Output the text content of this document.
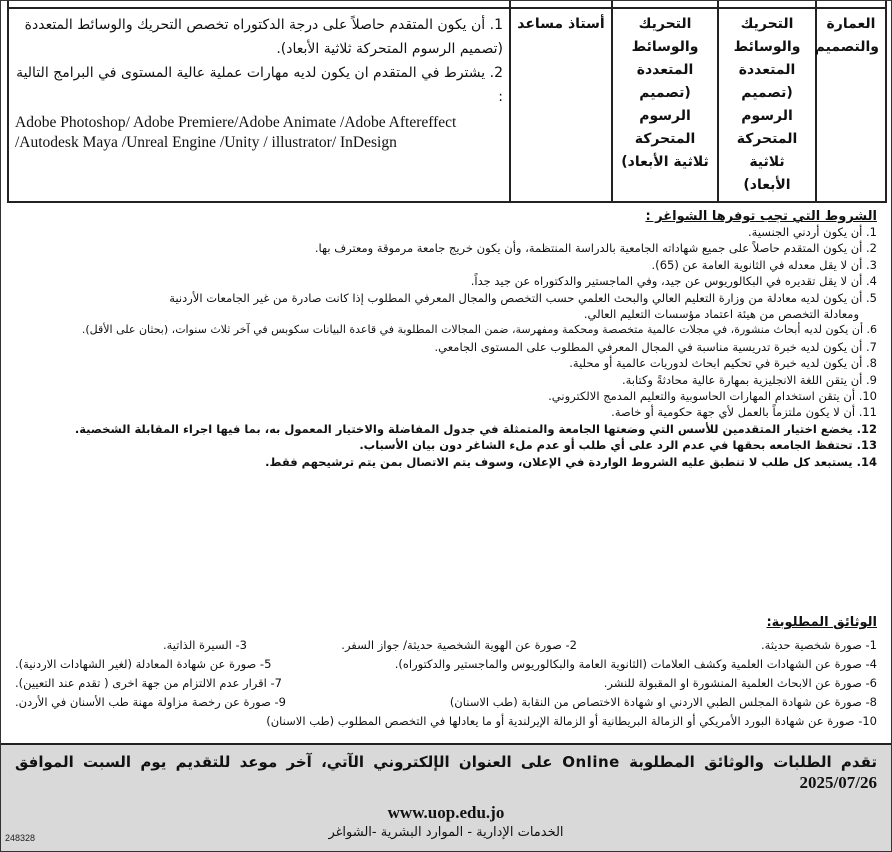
العمارة والتصميم	التحريك والوسائط المتعددة (تصميم الرسوم المتحركة ثلاثية الأبعاد)	التحريك والوسائط المتعددة (تصميم الرسوم المتحركة ثلاثية الأبعاد)	أستاذ مساعد	1. أن يكون المتقدم حاصلاً على درجة الدكتوراه تخصص التحريك والوسائط المتعددة (تصميم الرسوم المتحركة ثلاثية الأبعاد).
2. يشترط في المتقدم ان يكون لديه مهارات عملية عالية المستوى في البرامج التالية :
Adobe Photoshop/ Adobe Premiere/Adobe Animate /Adobe Aftereffect /Autodesk Maya /Unreal Engine /Unity / illustrator/ InDesign

الشروط التي تجب توفرها الشواغر :

1. أن يكون أردني الجنسية.
2. أن يكون المتقدم حاصلاً على جميع شهاداته الجامعية بالدراسة المنتظمة، وأن يكون خريج جامعة مرموقة ومعترف بها.
3. أن لا يقل معدله في الثانوية العامة عن (65).
4. أن لا يقل تقديره في البكالوريوس عن جيد، وفي الماجستير والدكتوراه عن جيد جداً.
5. أن يكون لديه معادلة من وزارة التعليم العالي والبحث العلمي حسب التخصص والمجال المعرفي المطلوب إذا كانت صادرة من غير الجامعات الأردنية
ومعادلة التخصص من هيئة اعتماد مؤسسات التعليم العالي.
6. أن يكون لديه أبحاث منشورة، في مجلات عالمية متخصصة ومحكمة ومفهرسة، ضمن المجالات المطلوبة في قاعدة البيانات سكوبس في آخر ثلاث سنوات، (بحثان على الأقل).
7. أن يكون لديه خبرة تدريسية مناسبة في المجال المعرفي المطلوب على المستوى الجامعي.
8. أن يكون لديه خبرة في تحكيم ابحاث لدوريات عالمية أو محلية.
9. أن يتقن اللغة الانجليزية بمهارة عالية محادثةً وكتابة.
10. أن يتقن استخدام المهارات الحاسوبية والتعليم المدمج الالكتروني.
11. أن لا يكون ملتزماً بالعمل لأي جهة حكومية أو خاصة.
12. يخضع اختيار المتقدمين للأسس التي وضعتها الجامعة والمتمثلة في جدول المفاضلة والاختيار المعمول به، بما فيها اجراء المقابلة الشخصية.
13. تحتفظ الجامعه بحقها في عدم الرد على أي طلب أو عدم ملء الشاغر دون بيان الأسباب.
14. يستبعد كل طلب لا تنطبق عليه الشروط الواردة في الإعلان، وسوف يتم الاتصال بمن يتم ترشيحهم فقط.

الوثائق المطلوبة:

1- صورة شخصية حديثة.
2- صورة عن الهوية الشخصية حديثة/ جواز السفر.
3- السيرة الذاتية.
4- صورة عن الشهادات العلمية وكشف العلامات (الثانوية العامة والبكالوريوس والماجستير والدكتوراه).
5- صورة عن شهادة المعادلة (لغير الشهادات الاردنية).
6- صورة عن الابحاث العلمية المنشورة او المقبولة للنشر.
7- اقرار عدم الالتزام من جهة اخرى ( تقدم عند التعيين).
8- صورة عن شهادة المجلس الطبي الاردني او شهادة الاختصاص من النقابة (طب الاسنان)
9- صورة عن رخصة مزاولة مهنة طب الأسنان في الأردن.
10- صورة عن شهادة البورد الأمريكي أو الزمالة البريطانية أو الزمالة الإيرلندية أو ما يعادلها في التخصص المطلوب (طب الاسنان)
تقدم الطلبات والوثائق المطلوبة Online على العنوان الإلكتروني الآتي، آخر موعد للتقديم يوم السبت الموافق
2025/07/26
www.uop.edu.jo
الخدمات الإدارية - الموارد البشرية -الشواغر
248328
